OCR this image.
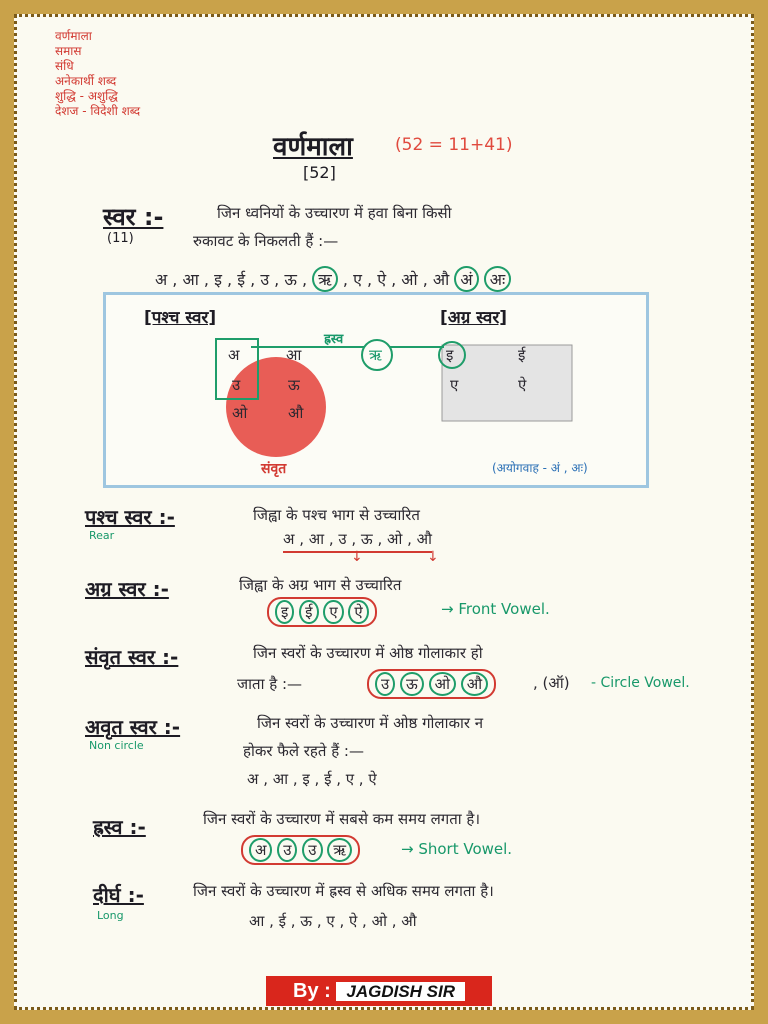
वर्णमाला
समास
संधि
अनेकार्थी शब्द
शुद्धि - अशुद्धि
देशज - विदेशी शब्द
वर्णमाला (52 = 11+41)
[52]
स्वर :-
(11)
जिन ध्वनियों के उच्चारण में हवा बिना किसी
रुकावट के निकलती हैं :—
अ , आ , इ , ई , उ , ऊ , ऋ , ए , ऐ , ओ , औ अं अः
[पश्च स्वर]	[अग्र स्वर]
ह्रस्व
अ	आ	ऋ	इ	ई
उ	ऊ	ए	ऐ
ओ	औ
संवृत	(अयोगवाह - अं , अः)
पश्च स्वर :-
Rear
जिह्वा के पश्च भाग से उच्चारित
अ , आ , उ , ऊ , ओ , औ
↓	↓
अग्र स्वर :-	जिह्वा के अग्र भाग से उच्चारित
इ ई ए ऐ	→ Front Vowel.
संवृत स्वर :-	जिन स्वरों के उच्चारण में ओष्ठ गोलाकार हो
जाता है :—	उ ऊ ओ औ	, (ऑ) - Circle Vowel.
अवृत स्वर :-
Non circle
जिन स्वरों के उच्चारण में ओष्ठ गोलाकार न
होकर फैले रहते हैं :—
अ , आ , इ , ई , ए , ऐ
ह्रस्व :-	जिन स्वरों के उच्चारण में सबसे कम समय लगता है।
अ उ उ ऋ	→ Short Vowel.
दीर्घ :-
Long
जिन स्वरों के उच्चारण में ह्रस्व से अधिक समय लगता है।
आ , ई , ऊ , ए , ऐ , ओ , औ
By : JAGDISH SIR
